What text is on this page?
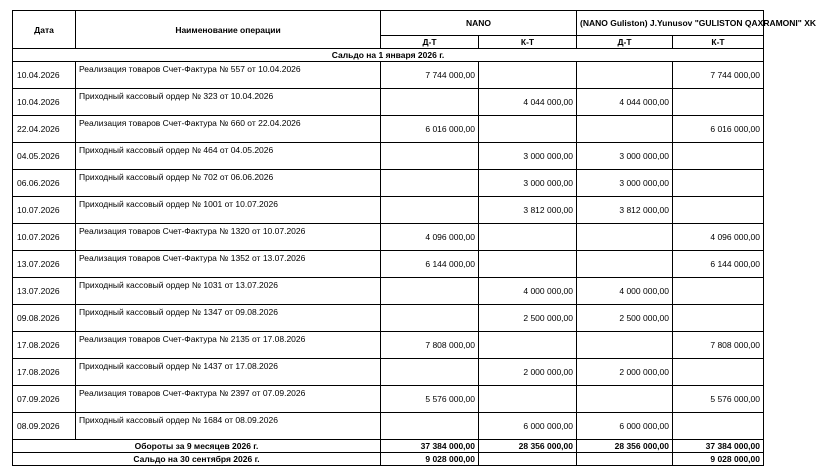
Дата	Наименование операции	NANO		(NANO Guliston) J.Yunusov "GULISTON QAXRAMONI" XK	
		Д-Т	К-Т	Д-Т	К-Т
Сальдо на 1 января 2026 г.					
10.04.2026	Реализация товаров Счет-Фактура № 557 от 10.04.2026	7 744 000,00			7 744 000,00
10.04.2026	Приходный кассовый ордер № 323 от 10.04.2026		4 044 000,00	4 044 000,00	
22.04.2026	Реализация товаров Счет-Фактура № 660 от 22.04.2026	6 016 000,00			6 016 000,00
04.05.2026	Приходный кассовый ордер № 464 от 04.05.2026		3 000 000,00	3 000 000,00	
06.06.2026	Приходный кассовый ордер № 702 от 06.06.2026		3 000 000,00	3 000 000,00	
10.07.2026	Приходный кассовый ордер № 1001 от 10.07.2026		3 812 000,00	3 812 000,00	
10.07.2026	Реализация товаров Счет-Фактура № 1320 от 10.07.2026	4 096 000,00			4 096 000,00
13.07.2026	Реализация товаров Счет-Фактура № 1352 от 13.07.2026	6 144 000,00			6 144 000,00
13.07.2026	Приходный кассовый ордер № 1031 от 13.07.2026		4 000 000,00	4 000 000,00	
09.08.2026	Приходный кассовый ордер № 1347 от 09.08.2026		2 500 000,00	2 500 000,00	
17.08.2026	Реализация товаров Счет-Фактура № 2135 от 17.08.2026	7 808 000,00			7 808 000,00
17.08.2026	Приходный кассовый ордер № 1437 от 17.08.2026		2 000 000,00	2 000 000,00	
07.09.2026	Реализация товаров Счет-Фактура № 2397 от 07.09.2026	5 576 000,00			5 576 000,00
08.09.2026	Приходный кассовый ордер № 1684 от 08.09.2026		6 000 000,00	6 000 000,00	
Обороты за 9 месяцев 2026 г.		37 384 000,00	28 356 000,00	28 356 000,00	37 384 000,00
Сальдо на 30 сентября 2026 г.		9 028 000,00			9 028 000,00
